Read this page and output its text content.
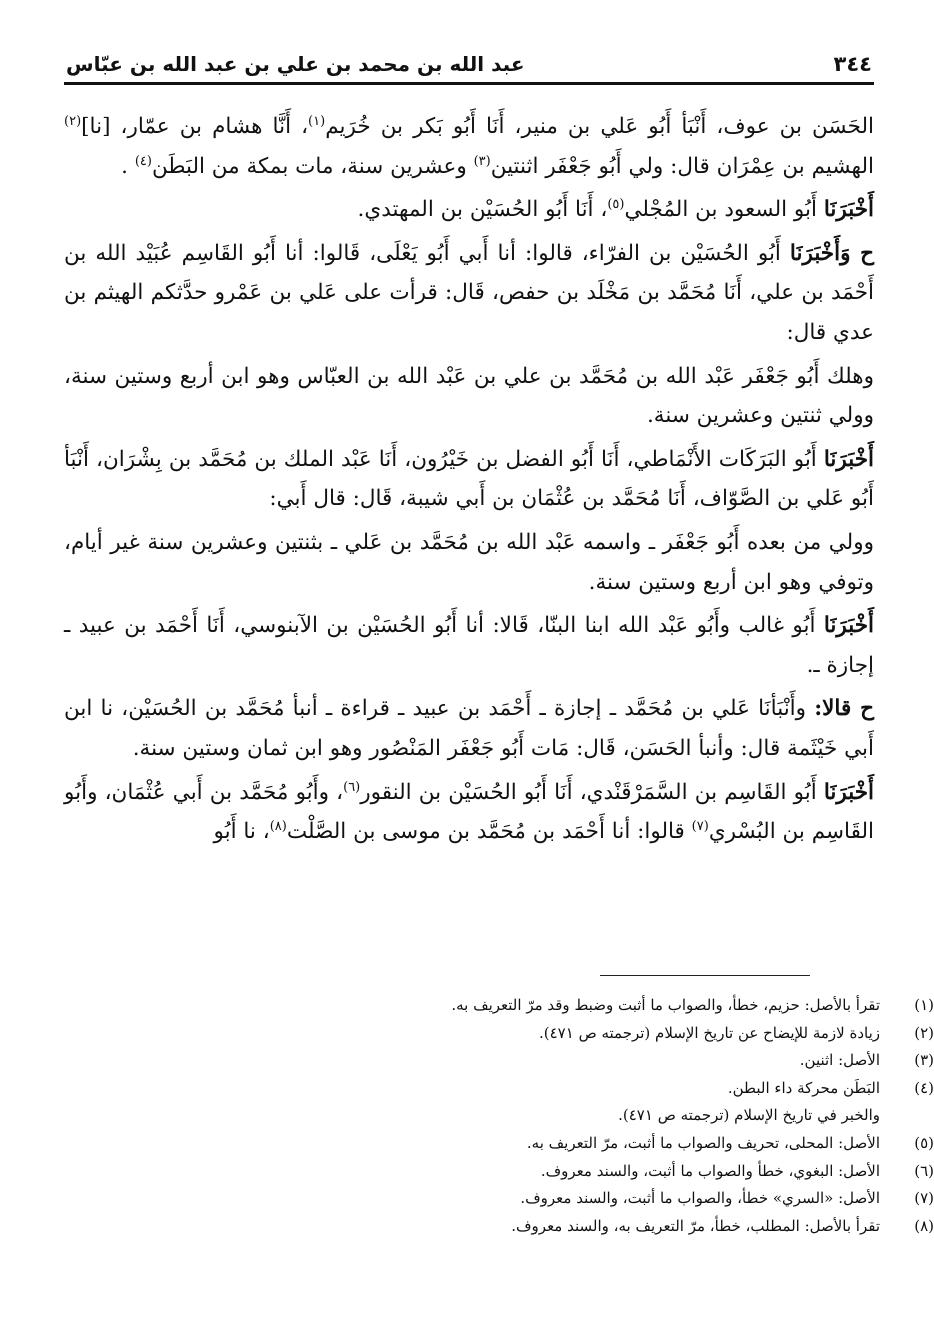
٣٤٤
عبد الله بن محمد بن علي بن عبد الله بن عبّاس

الحَسَن بن عوف، أَنْبَأ أَبُو عَلي بن منير، أَنَا أَبُو بَكر بن خُرَيم$^{(١)}$، أَنَّا هشام بن عمّار، [نا]$^{(٢)}$ الهشيم بن عِمْرَان قال: ولي أَبُو جَعْفَر اثنتين$^{(٣)}$ وعشرين سنة، مات بمكة من البَطَن$^{(٤)}$ .

أَخْبَرَنَا أَبُو السعود بن المُجْلي$^{(٥)}$، أَنَا أَبُو الحُسَيْن بن المهتدي.

ح وَأَخْبَرَنَا أَبُو الحُسَيْن بن الفرّاء، قالوا: أنا أَبي أَبُو يَعْلَى، قَالوا: أنا أَبُو القَاسِم عُبَيْد الله بن أَحْمَد بن علي، أَنَا مُحَمَّد بن مَخْلَد بن حفص، قَال: قرأت على عَلي بن عَمْرو حدَّثكم الهيثم بن عدي قال:

وهلك أَبُو جَعْفَر عَبْد الله بن مُحَمَّد بن علي بن عَبْد الله بن العبّاس وهو ابن أربع وستين سنة، وولي ثنتين وعشرين سنة.

أَخْبَرَنَا أَبُو البَرَكَات الأَنْمَاطي، أَنَا أَبُو الفضل بن خَيْرُون، أَنَا عَبْد الملك بن مُحَمَّد بن بِشْرَان، أَنْبَأ أَبُو عَلي بن الصَّوّاف، أَنَا مُحَمَّد بن عُثْمَان بن أَبي شيبة، قَال: قال أَبي:

وولي من بعده أَبُو جَعْفَر ـ واسمه عَبْد الله بن مُحَمَّد بن عَلي ـ بثنتين وعشرين سنة غير أيام، وتوفي وهو ابن أربع وستين سنة.

أَخْبَرَنَا أَبُو غالب وأَبُو عَبْد الله ابنا البنّا، قَالا: أنا أَبُو الحُسَيْن بن الآبنوسي، أَنَا أَحْمَد بن عبيد ـ إجازة ـ.

ح قالا: وأَنْبَأنَا عَلي بن مُحَمَّد ـ إجازة ـ أَحْمَد بن عبيد ـ قراءة ـ أنبأ مُحَمَّد بن الحُسَيْن، نا ابن أَبي خَيْثَمة قال: وأنبأ الحَسَن، قَال: مَات أَبُو جَعْفَر المَنْصُور وهو ابن ثمان وستين سنة.

أَخْبَرَنَا أَبُو القَاسِم بن السَّمَرْقَنْدي، أَنَا أَبُو الحُسَيْن بن النقور$^{(٦)}$، وأَبُو مُحَمَّد بن أَبي عُثْمَان، وأَبُو القَاسِم بن البُسْري$^{(٧)}$ قالوا: أنا أَحْمَد بن مُحَمَّد بن موسى بن الصَّلْت$^{(٨)}$، نا أَبُو

(١)
تقرأ بالأصل: حزيم، خطأ، والصواب ما أثبت وضبط وقد مرّ التعريف به.
(٢)
زيادة لازمة للإيضاح عن تاريخ الإسلام (ترجمته ص ٤٧١).
(٣)
الأصل: اثنين.
(٤)
البَطَن محركة داء البطن.
والخبر في تاريخ الإسلام (ترجمته ص ٤٧١).
(٥)
الأصل: المحلى، تحريف والصواب ما أثبت، مرّ التعريف به.
(٦)
الأصل: البغوي، خطأ والصواب ما أثبت، والسند معروف.
(٧)
الأصل: «السري» خطأ، والصواب ما أثبت، والسند معروف.
(٨)
تقرأ بالأصل: المطلب، خطأ، مرّ التعريف به، والسند معروف.
